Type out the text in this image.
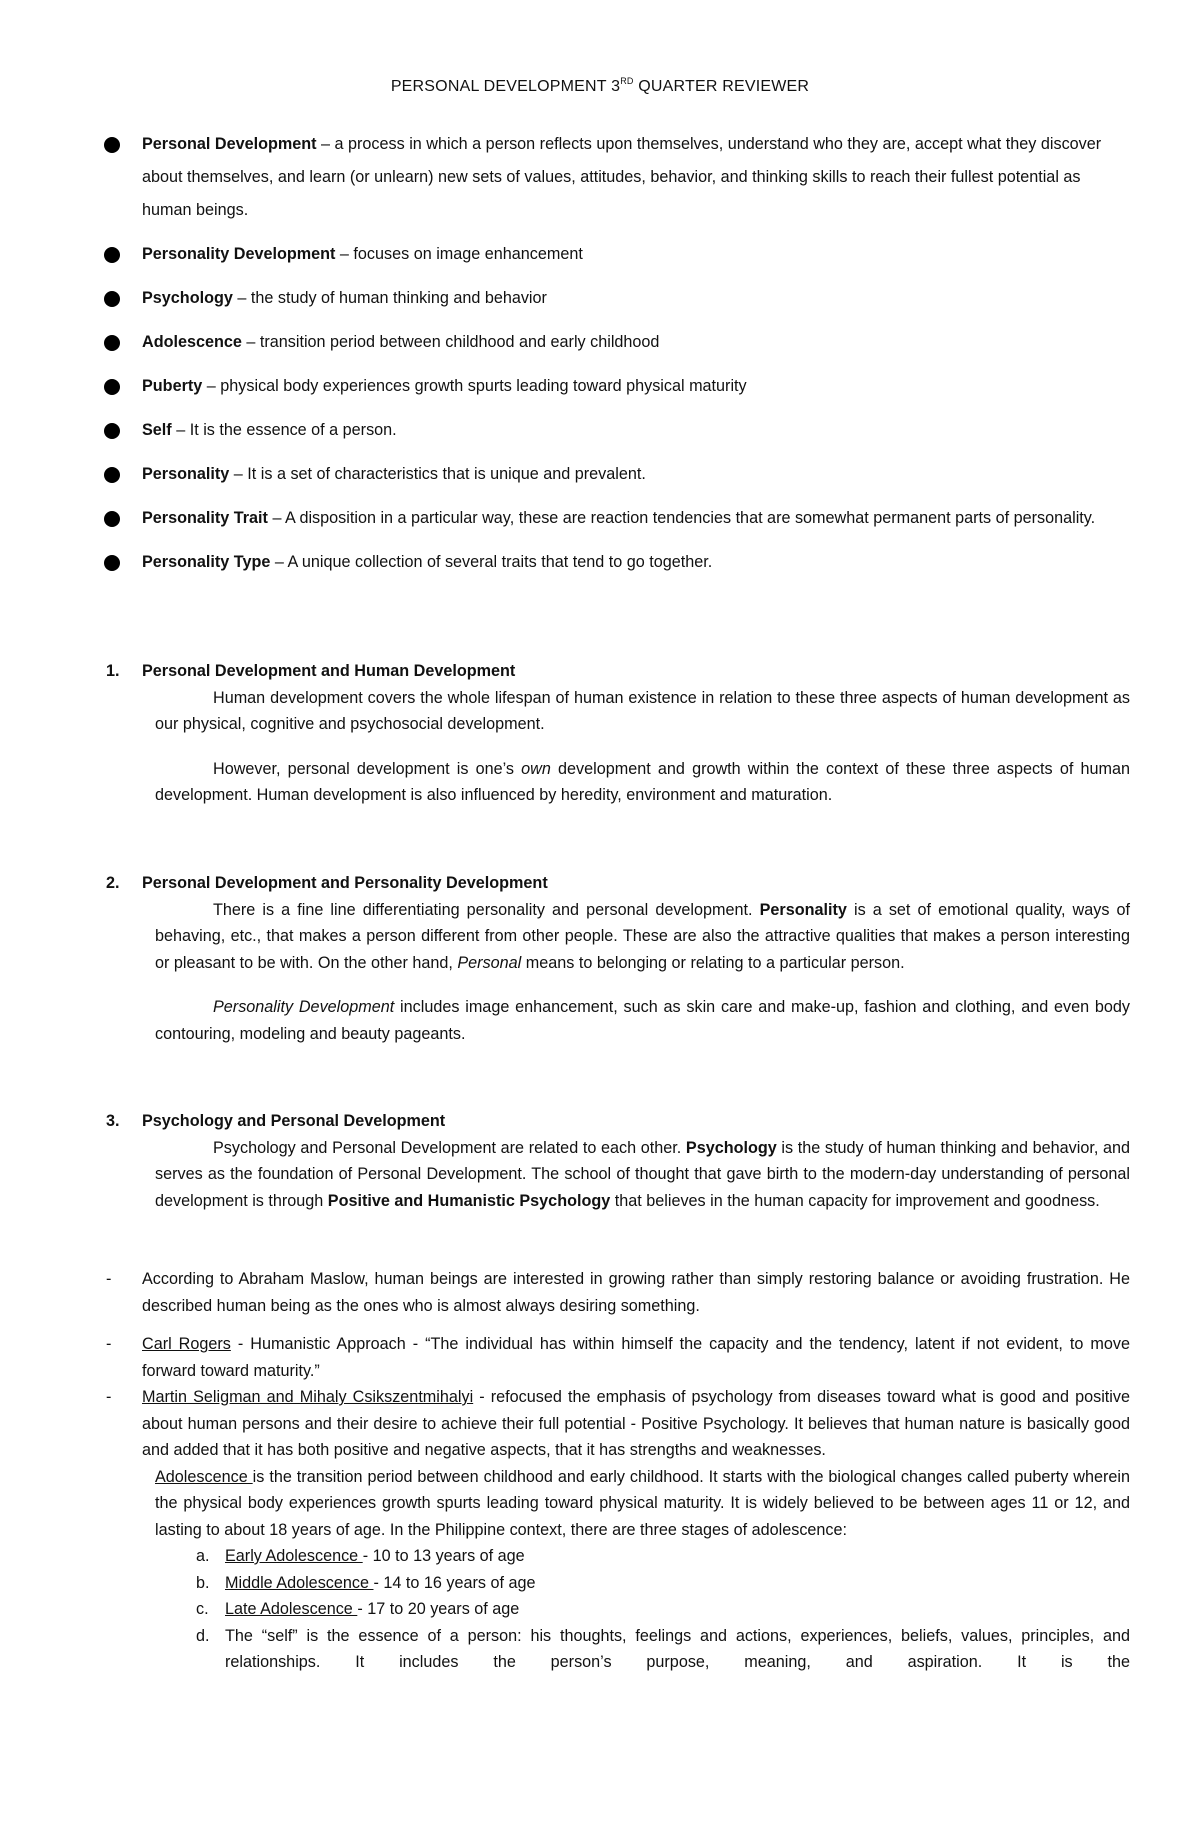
PERSONAL DEVELOPMENT 3RD QUARTER REVIEWER
Personal Development – a process in which a person reflects upon themselves, understand who they are, accept what they discover about themselves, and learn (or unlearn) new sets of values, attitudes, behavior, and thinking skills to reach their fullest potential as human beings.
Personality Development – focuses on image enhancement
Psychology – the study of human thinking and behavior
Adolescence – transition period between childhood and early childhood
Puberty – physical body experiences growth spurts leading toward physical maturity
Self – It is the essence of a person.
Personality – It is a set of characteristics that is unique and prevalent.
Personality Trait – A disposition in a particular way, these are reaction tendencies that are somewhat permanent parts of personality.
Personality Type – A unique collection of several traits that tend to go together.
1. Personal Development and Human Development
Human development covers the whole lifespan of human existence in relation to these three aspects of human development as our physical, cognitive and psychosocial development.
However, personal development is one’s own development and growth within the context of these three aspects of human development. Human development is also influenced by heredity, environment and maturation.
2. Personal Development and Personality Development
There is a fine line differentiating personality and personal development. Personality is a set of emotional quality, ways of behaving, etc., that makes a person different from other people. These are also the attractive qualities that makes a person interesting or pleasant to be with. On the other hand, Personal means to belonging or relating to a particular person.
Personality Development includes image enhancement, such as skin care and make-up, fashion and clothing, and even body contouring, modeling and beauty pageants.
3. Psychology and Personal Development
Psychology and Personal Development are related to each other. Psychology is the study of human thinking and behavior, and serves as the foundation of Personal Development. The school of thought that gave birth to the modern-day understanding of personal development is through Positive and Humanistic Psychology that believes in the human capacity for improvement and goodness.
- According to Abraham Maslow, human beings are interested in growing rather than simply restoring balance or avoiding frustration. He described human being as the ones who is almost always desiring something.
- Carl Rogers - Humanistic Approach - “The individual has within himself the capacity and the tendency, latent if not evident, to move forward toward maturity.”
- Martin Seligman and Mihaly Csikszentmihalyi - refocused the emphasis of psychology from diseases toward what is good and positive about human persons and their desire to achieve their full potential - Positive Psychology. It believes that human nature is basically good and added that it has both positive and negative aspects, that it has strengths and weaknesses.
Adolescence is the transition period between childhood and early childhood. It starts with the biological changes called puberty wherein the physical body experiences growth spurts leading toward physical maturity. It is widely believed to be between ages 11 or 12, and lasting to about 18 years of age. In the Philippine context, there are three stages of adolescence:
a. Early Adolescence - 10 to 13 years of age
b. Middle Adolescence - 14 to 16 years of age
c. Late Adolescence - 17 to 20 years of age
d. The “self” is the essence of a person: his thoughts, feelings and actions, experiences, beliefs, values, principles, and relationships. It includes the person’s purpose, meaning, and aspiration. It is the
